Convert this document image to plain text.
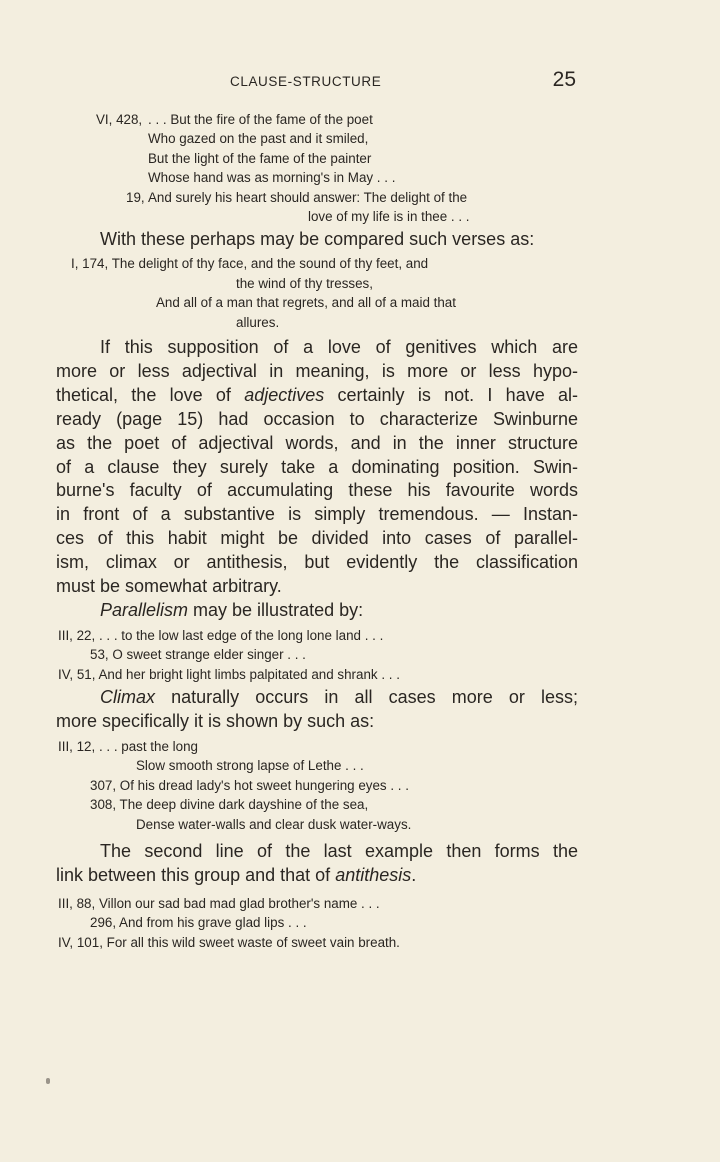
CLAUSE-STRUCTURE	25
VI, 428, . . . But the fire of the fame of the poet
Who gazed on the past and it smiled,
But the light of the fame of the painter
Whose hand was as morning's in May . . .
19, And surely his heart should answer: The delight of the
love of my life is in thee . . .

With these perhaps may be compared such verses as:

I, 174, The delight of thy face, and the sound of thy feet, and
the wind of thy tresses,
And all of a man that regrets, and all of a maid that
allures.

If this supposition of a love of genitives which are
more or less adjectival in meaning, is more or less hypo-
thetical, the love of adjectives certainly is not. I have al-
ready (page 15) had occasion to characterize Swinburne
as the poet of adjectival words, and in the inner structure
of a clause they surely take a dominating position. Swin-
burne's faculty of accumulating these his favourite words
in front of a substantive is simply tremendous. — Instan-
ces of this habit might be divided into cases of parallel-
ism, climax or antithesis, but evidently the classification
must be somewhat arbitrary.

Parallelism may be illustrated by:

III, 22, . . . to the low last edge of the long lone land . . .
53, O sweet strange elder singer . . .
IV, 51, And her bright light limbs palpitated and shrank . . .

Climax naturally occurs in all cases more or less;
more specifically it is shown by such as:

III, 12, . . . past the long
Slow smooth strong lapse of Lethe . . .
307, Of his dread lady's hot sweet hungering eyes . . .
308, The deep divine dark dayshine of the sea,
Dense water-walls and clear dusk water-ways.

The second line of the last example then forms the
link between this group and that of antithesis.

III, 88, Villon our sad bad mad glad brother's name . . .
296, And from his grave glad lips . . .
IV, 101, For all this wild sweet waste of sweet vain breath.
